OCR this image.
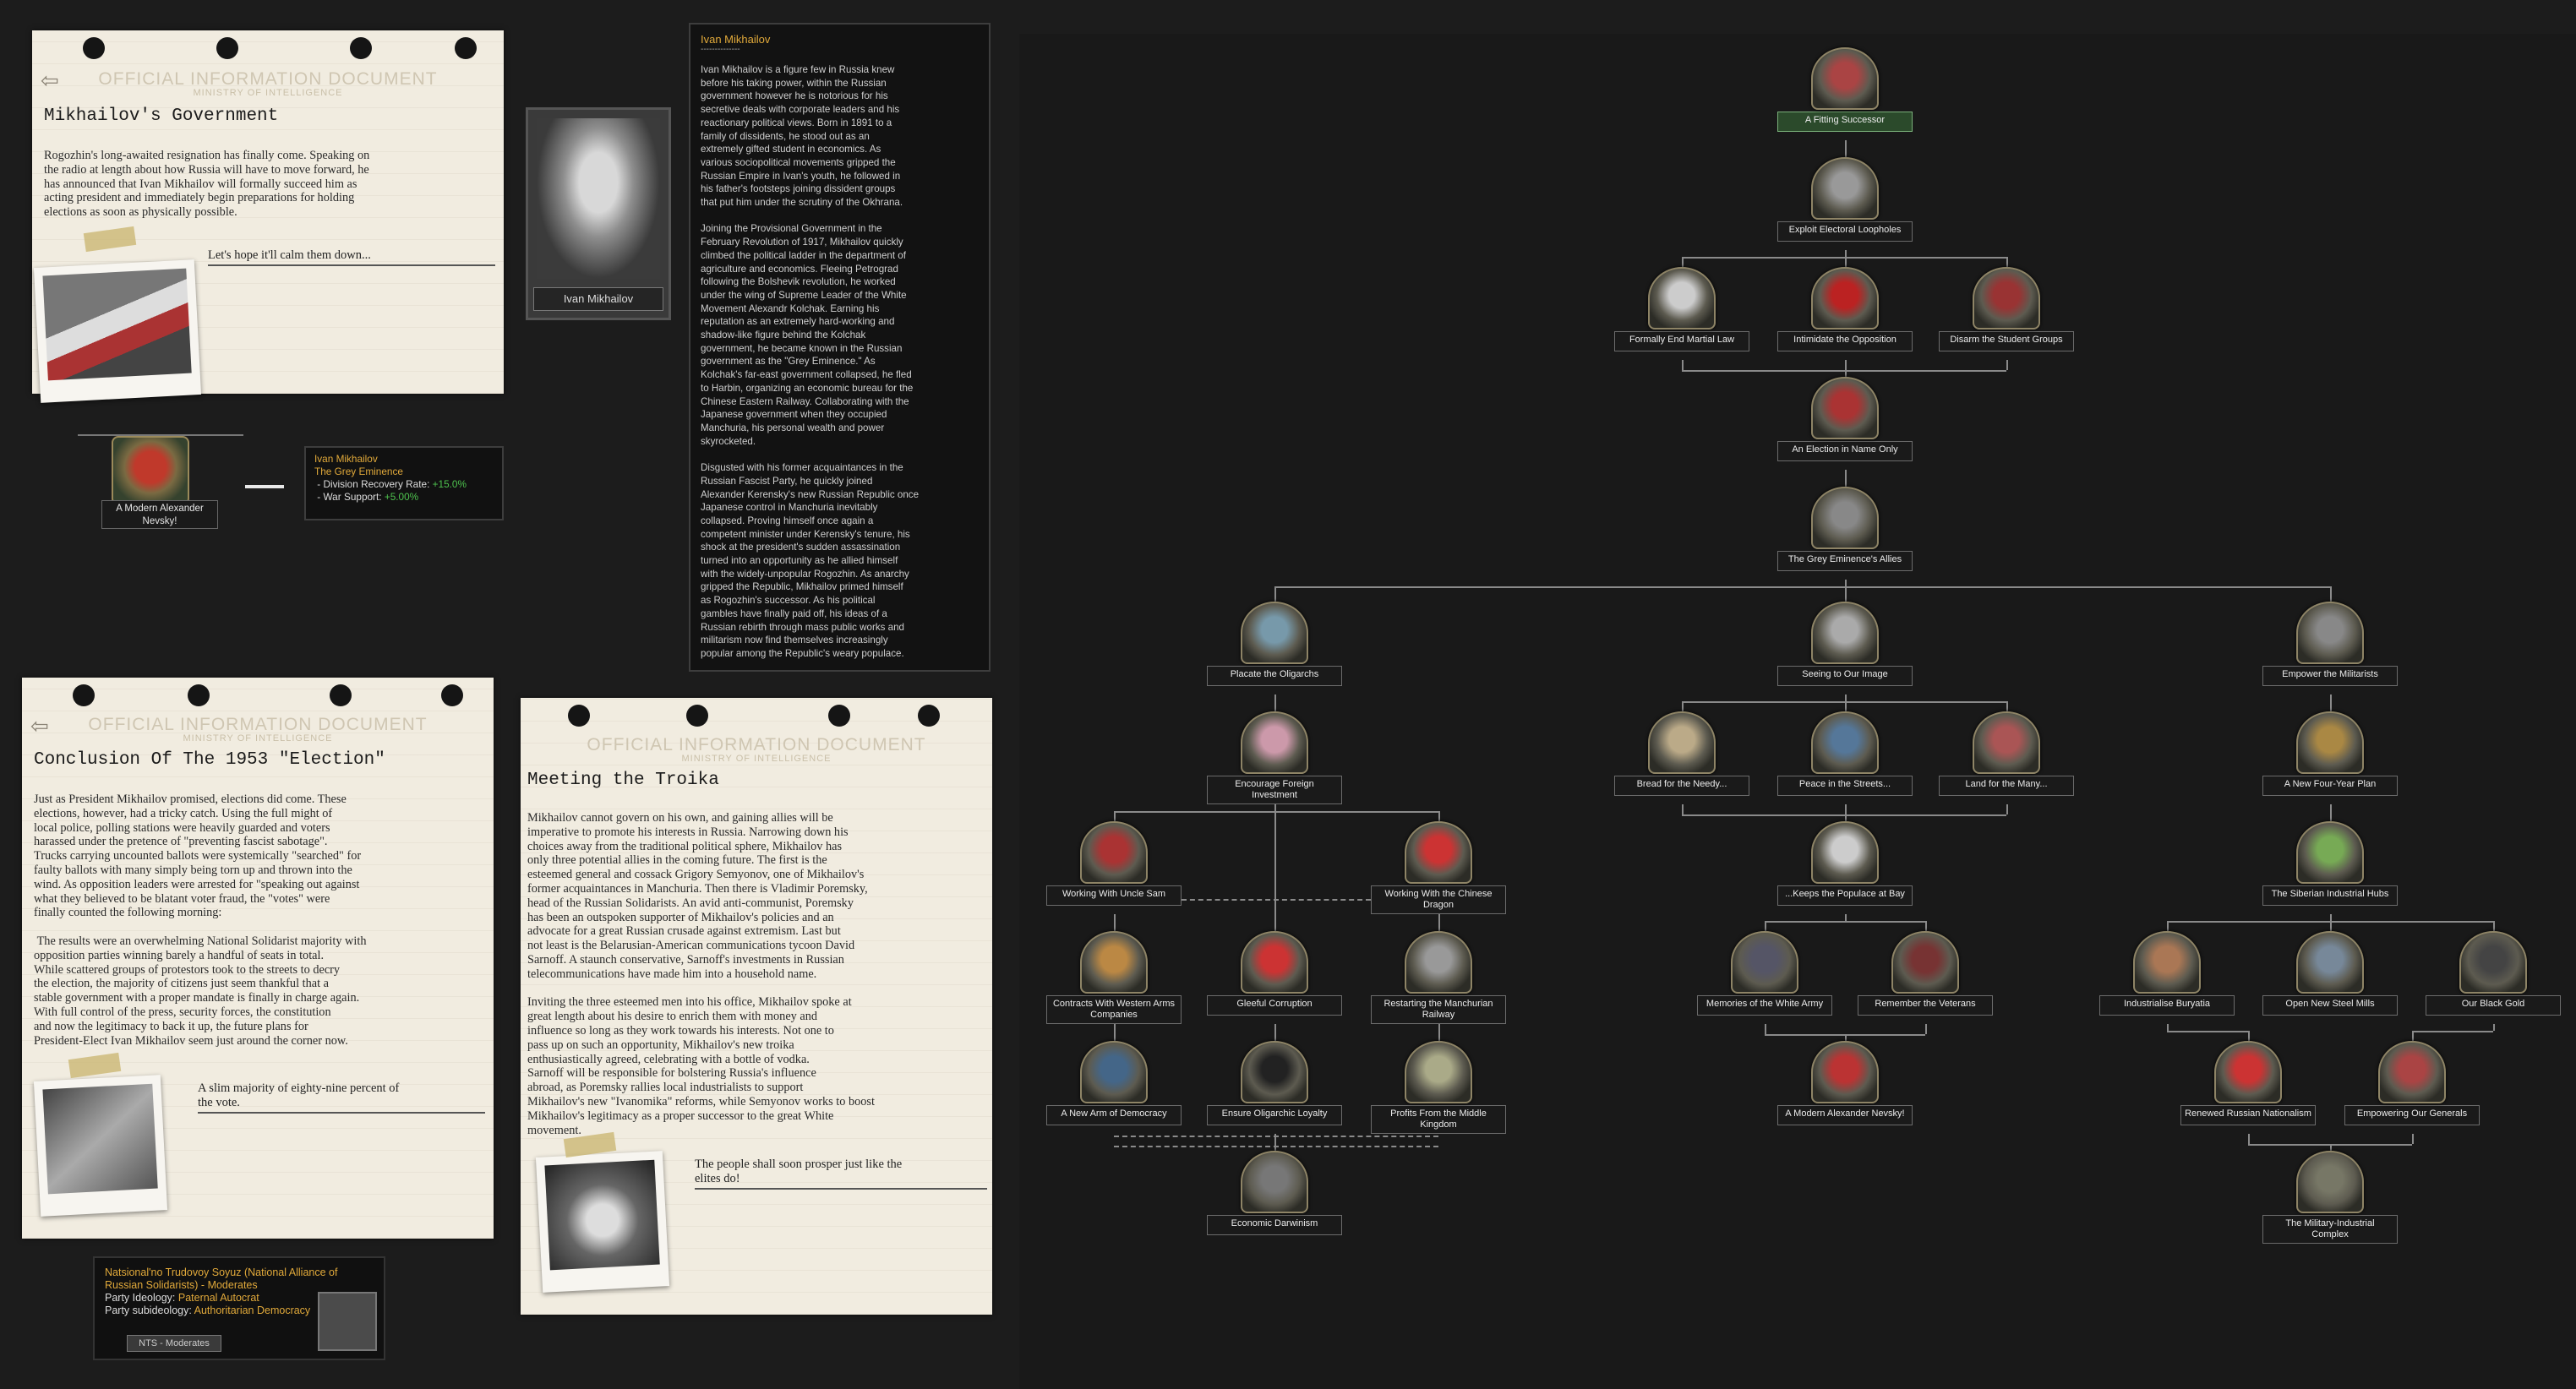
⇦	OFFICIAL INFORMATION DOCUMENT
MINISTRY OF INTELLIGENCE
Mikhailov's Government
Rogozhin's long-awaited resignation has finally come. Speaking on
the radio at length about how Russia will have to move forward, he
has announced that Ivan Mikhailov will formally succeed him as
acting president and immediately begin preparations for holding
elections as soon as physically possible.
Let's hope it'll calm them down...
Ivan Mikhailov
Ivan Mikhailov
--------------
Ivan Mikhailov is a figure few in Russia knew
before his taking power, within the Russian
government however he is notorious for his
secretive deals with corporate leaders and his
reactionary political views. Born in 1891 to a
family of dissidents, he stood out as an
extremely gifted student in economics. As
various sociopolitical movements gripped the
Russian Empire in Ivan's youth, he followed in
his father's footsteps joining dissident groups
that put him under the scrutiny of the Okhrana.

Joining the Provisional Government in the
February Revolution of 1917, Mikhailov quickly
climbed the political ladder in the department of
agriculture and economics. Fleeing Petrograd
following the Bolshevik revolution, he worked
under the wing of Supreme Leader of the White
Movement Alexandr Kolchak. Earning his
reputation as an extremely hard-working and
shadow-like figure behind the Kolchak
government, he became known in the Russian
government as the "Grey Eminence." As
Kolchak's far-east government collapsed, he fled
to Harbin, organizing an economic bureau for the
Chinese Eastern Railway. Collaborating with the
Japanese government when they occupied
Manchuria, his personal wealth and power
skyrocketed.

Disgusted with his former acquaintances in the
Russian Fascist Party, he quickly joined
Alexander Kerensky's new Russian Republic once
Japanese control in Manchuria inevitably
collapsed. Proving himself once again a
competent minister under Kerensky's tenure, his
shock at the president's sudden assassination
turned into an opportunity as he allied himself
with the widely-unpopular Rogozhin. As anarchy
gripped the Republic, Mikhailov primed himself
as Rogozhin's successor. As his political
gambles have finally paid off, his ideas of a
Russian rebirth through mass public works and
militarism now find themselves increasingly
popular among the Republic's weary populace.
A Modern Alexander Nevsky!
Ivan Mikhailov
The Grey Eminence
- Division Recovery Rate: +15.0%
- War Support: +5.00%
⇦	OFFICIAL INFORMATION DOCUMENT
MINISTRY OF INTELLIGENCE
Conclusion Of The 1953 "Election"
Just as President Mikhailov promised, elections did come. These
elections, however, had a tricky catch. Using the full might of
local police, polling stations were heavily guarded and voters
harassed under the pretence of "preventing fascist sabotage".
Trucks carrying uncounted ballots were systemically "searched" for
faulty ballots with many simply being torn up and thrown into the
wind. As opposition leaders were arrested for "speaking out against
what they believed to be blatant voter fraud, the "votes" were
finally counted the following morning:

The results were an overwhelming National Solidarist majority with
opposition parties winning barely a handful of seats in total.
While scattered groups of protestors took to the streets to decry
the election, the majority of citizens just seem thankful that a
stable government with a proper mandate is finally in charge again.
With full control of the press, security forces, the constitution
and now the legitimacy to back it up, the future plans for
President-Elect Ivan Mikhailov seem just around the corner now.
A slim majority of eighty-nine percent of
the vote.
OFFICIAL INFORMATION DOCUMENT
MINISTRY OF INTELLIGENCE
Meeting the Troika
Mikhailov cannot govern on his own, and gaining allies will be
imperative to promote his interests in Russia. Narrowing down his
choices away from the traditional political sphere, Mikhailov has
only three potential allies in the coming future. The first is the
esteemed general and cossack Grigory Semyonov, one of Mikhailov's
former acquaintances in Manchuria. Then there is Vladimir Poremsky,
head of the Russian Solidarists. An avid anti-communist, Poremsky
has been an outspoken supporter of Mikhailov's policies and an
advocate for a great Russian crusade against extremism. Last but
not least is the Belarusian-American communications tycoon David
Sarnoff. A staunch conservative, Sarnoff's investments in Russian
telecommunications have made him into a household name.

Inviting the three esteemed men into his office, Mikhailov spoke at
great length about his desire to enrich them with money and
influence so long as they work towards his interests. Not one to
pass up on such an opportunity, Mikhailov's new troika
enthusiastically agreed, celebrating with a bottle of vodka.
Sarnoff will be responsible for bolstering Russia's influence
abroad, as Poremsky rallies local industrialists to support
Mikhailov's new "Ivanomika" reforms, while Semyonov works to boost
Mikhailov's legitimacy as a proper successor to the great White
movement.
The people shall soon prosper just like the
elites do!
Natsional'no Trudovoy Soyuz (National Alliance of Russian Solidarists) - Moderates
Party Ideology: Paternal Autocrat
Party subideology: Authoritarian Democracy
NTS - Moderates
A Fitting Successor
Exploit Electoral Loopholes
Formally End Martial Law	Intimidate the Opposition	Disarm the Student Groups
An Election in Name Only
The Grey Eminence's Allies
Placate the Oligarchs	Seeing to Our Image	Empower the Militarists
Encourage Foreign Investment
Bread for the Needy...	Peace in the Streets...	Land for the Many...	A New Four-Year Plan
Working With Uncle Sam	Working With the Chinese Dragon
...Keeps the Populace at Bay	The Siberian Industrial Hubs
Contracts With Western Arms Companies
Gleeful Corruption	Restarting the Manchurian Railway
Memories of the White Army	Remember the Veterans	Industrialise Buryatia	Open New Steel Mills	Our Black Gold
A New Arm of Democracy	Ensure Oligarchic Loyalty	Profits From the Middle Kingdom
A Modern Alexander Nevsky!	Renewed Russian Nationalism	Empowering Our Generals
Economic Darwinism	The Military-Industrial Complex
